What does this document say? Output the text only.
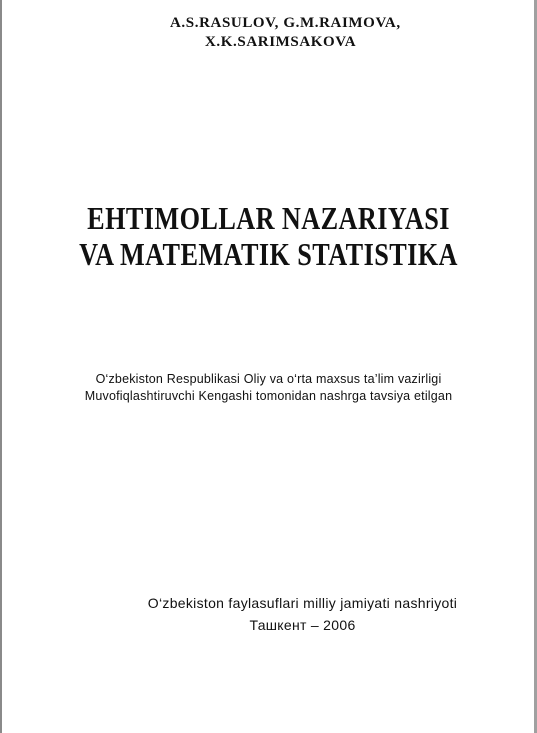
A.S.RASULOV, G.M.RAIMOVA,
X.K.SARIMSAKOVA
EHTIMOLLAR NAZARIYASI
VA MATEMATIK STATISTIKA
O‘zbekiston Respublikasi Oliy va o‘rta maxsus ta’lim vazirligi
Muvofiqlashtiruvchi Kengashi tomonidan nashrga tavsiya etilgan
O‘zbekiston faylasuflari milliy jamiyati nashriyoti
Ташкент – 2006
